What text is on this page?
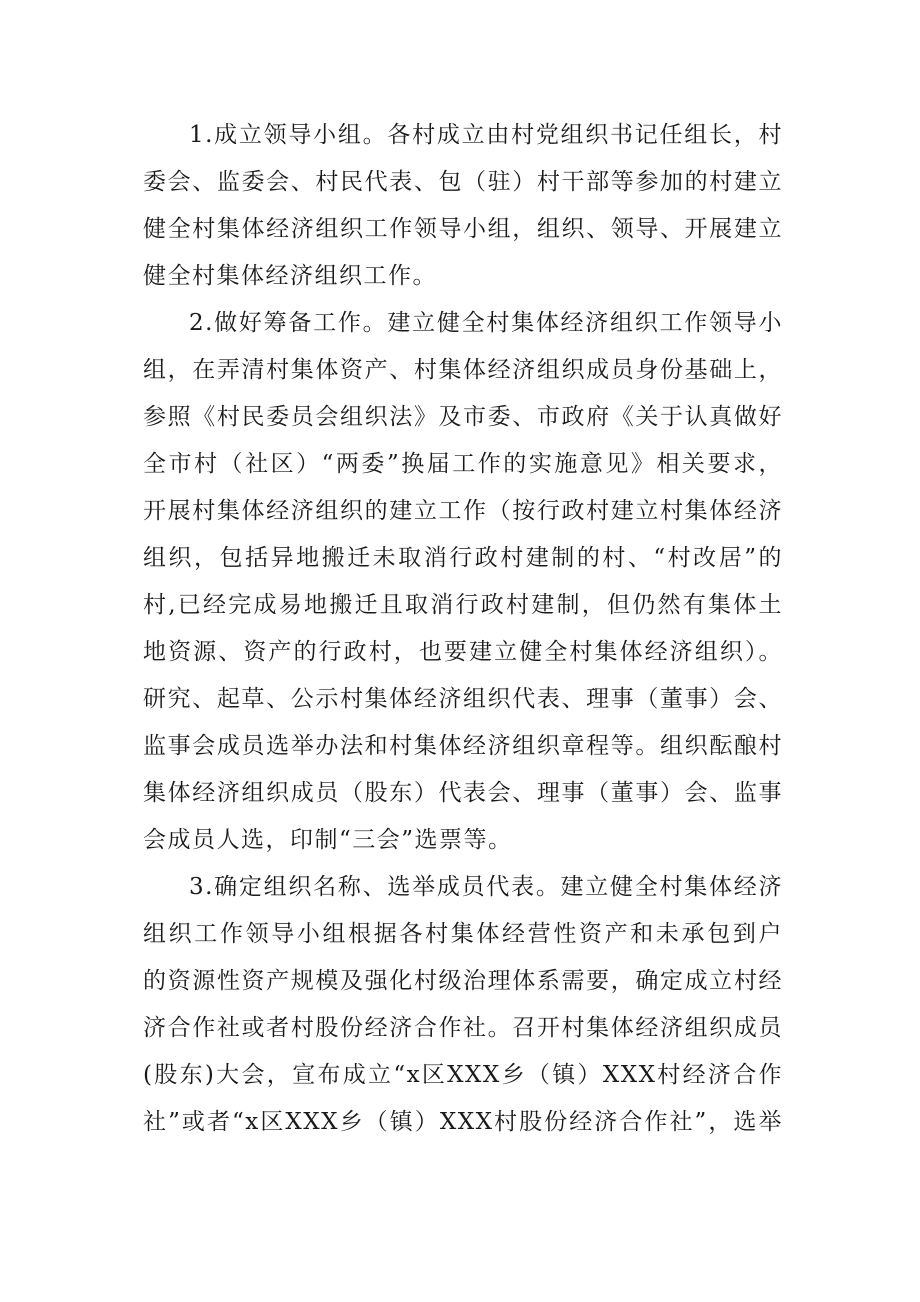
1.成立领导小组。各村成立由村党组织书记任组长，村
委会、监委会、村民代表、包（驻）村干部等参加的村建立
健全村集体经济组织工作领导小组，组织、领导、开展建立
健全村集体经济组织工作。
2.做好筹备工作。建立健全村集体经济组织工作领导小
组，在弄清村集体资产、村集体经济组织成员身份基础上，
参照《村民委员会组织法》及市委、市政府《关于认真做好
全市村（社区）“两委”换届工作的实施意见》相关要求，
开展村集体经济组织的建立工作（按行政村建立村集体经济
组织，包括异地搬迁未取消行政村建制的村、“村改居”的
村,已经完成易地搬迁且取消行政村建制，但仍然有集体土
地资源、资产的行政村，也要建立健全村集体经济组织）。
研究、起草、公示村集体经济组织代表、理事（董事）会、
监事会成员选举办法和村集体经济组织章程等。组织酝酿村
集体经济组织成员（股东）代表会、理事（董事）会、监事
会成员人选，印制“三会”选票等。
3.确定组织名称、选举成员代表。建立健全村集体经济
组织工作领导小组根据各村集体经营性资产和未承包到户
的资源性资产规模及强化村级治理体系需要，确定成立村经
济合作社或者村股份经济合作社。召开村集体经济组织成员
(股东)大会，宣布成立“x区XXX乡（镇）XXX村经济合作
社”或者“x区XXX乡（镇）XXX村股份经济合作社”，选举
